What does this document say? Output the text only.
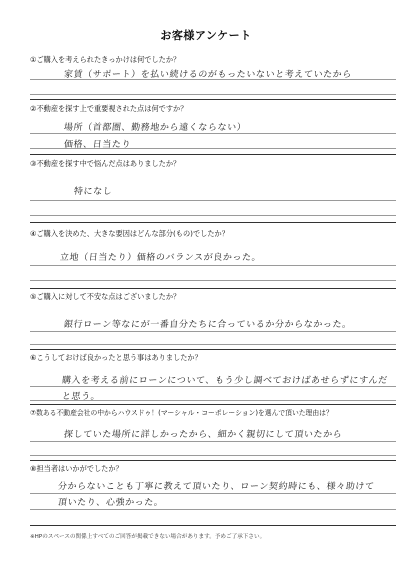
お客様アンケート
①ご購入を考えられたきっかけは何でしたか？
家賃（サポート）を払い続けるのがもったいないと考えていたから
②不動産を探す上で重要視された点は何ですか？
場所（首都圏、勤務地から遠くならない）
価格、日当たり
③不動産を探す中で悩んだ点はありましたか？
特になし
④ご購入を決めた、大きな要因はどんな部分(もの)でしたか？
立地（日当たり）価格のバランスが良かった。
⑤ご購入に対して不安な点はございましたか？
銀行ローン等なにが一番自分たちに合っているか分からなかった。
⑥こうしておけば良かったと思う事はありましたか？
購入を考える前にローンについて、もう少し調べておけばあせらずにすんだ
と思う。
⑦数ある不動産会社の中からハウスドゥ！(マーシャル・コーポレーション)を選んで頂いた理由は？
探していた場所に詳しかったから、細かく親切にして頂いたから
⑧担当者はいかがでしたか？
分からないことも丁寧に教えて頂いたり、ローン契約時にも、様々助けて
頂いたり、心強かった。
※HPのスペースの関係上すべてのご回答が掲載できない場合があります。予めご了承下さい。
